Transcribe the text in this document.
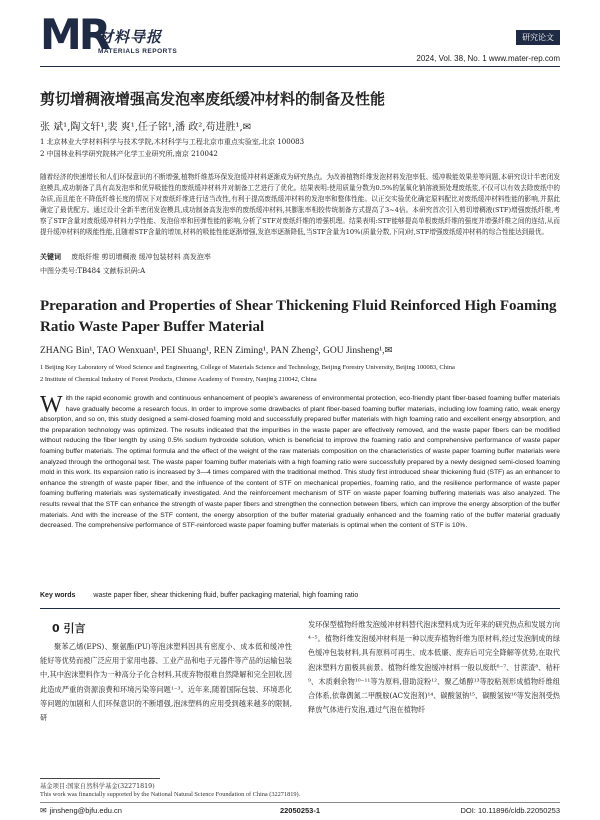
MR
材料导报
MATERIALS REPORTS
研究论文
2024, Vol. 38, No. 1 www.mater-rep.com
剪切增稠液增强高发泡率废纸缓冲材料的制备及性能
张 斌¹,陶文轩¹,裴 爽¹,任子铭¹,潘 政²,苟进胜¹,✉
1 北京林业大学材料科学与技术学院,木材科学与工程北京市重点实验室,北京 100083
2 中国林业科学研究院林产化学工业研究所,南京 210042
随着经济的快速增长和人们环保意识的不断增强,植物纤维基环保发泡缓冲材料逐渐成为研究热点。为改善植物纤维发泡材料发泡率低、缓冲吸能效果差等问题,本研究设计半密闭发泡模具,成功制备了具有高发泡率和优异吸能性的废纸缓冲材料并对制备工艺进行了优化。结果表明:使用质量分数为0.5%的氢氧化钠溶液预处理废纸浆,不仅可以有效去除废纸中的杂质,而且能在不降低纤维长度的情况下对废纸纤维进行适当改性,有利于提高废纸缓冲材料的发泡率和整体性能。以正交实验优化确定原料配比对废纸缓冲材料性能的影响,并据此确定了最优配方。通过设计全新半密闭发泡模具,成功制备高发泡率的废纸缓冲材料,其膨胀率相较传统制备方式提高了3~4倍。本研究首次引入剪切增稠液(STF)增强废纸纤维,考察了STF含量对废纸缓冲材料力学性能、发泡倍率和回弹性能的影响,分析了STF对废纸纤维的增强机理。结果表明:STF能够提高单根废纸纤维的强度并增强纤维之间的连结,从而提升缓冲材料的吸能性能,且随着STF含量的增加,材料的吸能性能逐渐增强,发泡率逐渐降低,当STF含量为10%(质量分数,下同)时,STF增强废纸缓冲材料的综合性能达到最优。
关键词 废纸纤维 剪切增稠液 缓冲包装材料 高发泡率
中图分类号:TB484 文献标识码:A
Preparation and Properties of Shear Thickening Fluid Reinforced High Foaming Ratio Waste Paper Buffer Material
ZHANG Bin¹, TAO Wenxuan¹, PEI Shuang¹, REN Ziming¹, PAN Zheng², GOU Jinsheng¹,✉
1 Beijing Key Laboratory of Wood Science and Engineering, College of Materials Science and Technology, Beijing Forestry University, Beijing 100083, China
2 Institute of Chemical Industry of Forest Products, Chinese Academy of Forestry, Nanjing 210042, China
With the rapid economic growth and continuous enhancement of people's awareness of environmental protection, eco-friendly plant fiber-based foaming buffer materials have gradually become a research focus. In order to improve some drawbacks of plant fiber-based foaming buffer materials, including low foaming ratio, weak energy absorption, and so on, this study designed a semi-closed foaming mold and successfully prepared buffer materials with high foaming ratio and excellent energy absorption, and the preparation technology was optimized. The results indicated that the impurities in the waste paper are effectively removed, and the waste paper fibers can be modified without reducing the fiber length by using 0.5% sodium hydroxide solution, which is beneficial to improve the foaming ratio and comprehensive performance of waste paper foaming buffer materials. The optimal formula and the effect of the weight of the raw materials composition on the characteristics of waste paper foaming buffer materials were analyzed through the orthogonal test. The waste paper foaming buffer materials with a high foaming ratio were successfully prepared by a newly designed semi-closed foaming mold in this work. Its expansion ratio is increased by 3—4 times compared with the traditional method. This study first introduced shear thickening fluid (STF) as an enhancer to enhance the strength of waste paper fiber, and the influence of the content of STF on mechanical properties, foaming ratio, and the resilience performance of waste paper foaming buffering materials was systematically investigated. And the reinforcement mechanism of STF on waste paper foaming buffering materials was also analyzed. The results reveal that the STF can enhance the strength of waste paper fibers and strengthen the connection between fibers, which can improve the energy absorption of the buffer materials. And with the increase of the STF content, the energy absorption of the buffer material gradually enhanced and the foaming ratio of the buffer material gradually decreased. The comprehensive performance of STF-reinforced waste paper foaming buffer materials is optimal when the content of STF is 10%.
Key words	waste paper fiber, shear thickening fluid, buffer packaging material, high foaming ratio
0 引言
聚苯乙烯(EPS)、聚氨酯(PU)等泡沫塑料因具有密度小、成本低和缓冲性能好等优势而被广泛应用于家用电器、工业产品和电子元器件等产品的运输包装中,其中泡沫塑料作为一种高分子化合材料,其废弃物很难自然降解和完全回收,因此造成严重的资源浪费和环境污染等问题¹⁻³。近年来,随着国际包装、环境恶化等问题的加剧和人们环保意识的不断增强,泡沫塑料的应用受到越来越多的限制,研
发环保型植物纤维发泡缓冲材料替代泡沫塑料成为近年来的研究热点和发展方向⁴⁻⁵。植物纤维发泡缓冲材料是一种以废弃植物纤维为原材料,经过发泡制成的绿色缓冲包装材料,具有原料可再生、成本低廉、废弃后可完全降解等优势,在取代泡沫塑料方面极具前景。植物纤维发泡缓冲材料一般以废纸⁶⁻⁷、甘蔗渣⁸、秸秆⁹、木质剩余物¹⁰⁻¹¹等为原料,借助淀粉¹²、聚乙烯醇¹³等胶粘剂形成植物纤维组合体系,依靠偶氮二甲酰胺(AC发泡剂)¹⁴、碳酸氢钠¹⁵、碳酸氢铵¹⁶等发泡剂受热释放气体进行发泡,通过气泡在植物纤
基金项目:国家自然科学基金(32271819)
This work was financially supported by the National Natural Science Foundation of China (32271819).
✉ jinsheng@bjfu.edu.cn	22050253-1	DOI: 10.11896/cldb.22050253
